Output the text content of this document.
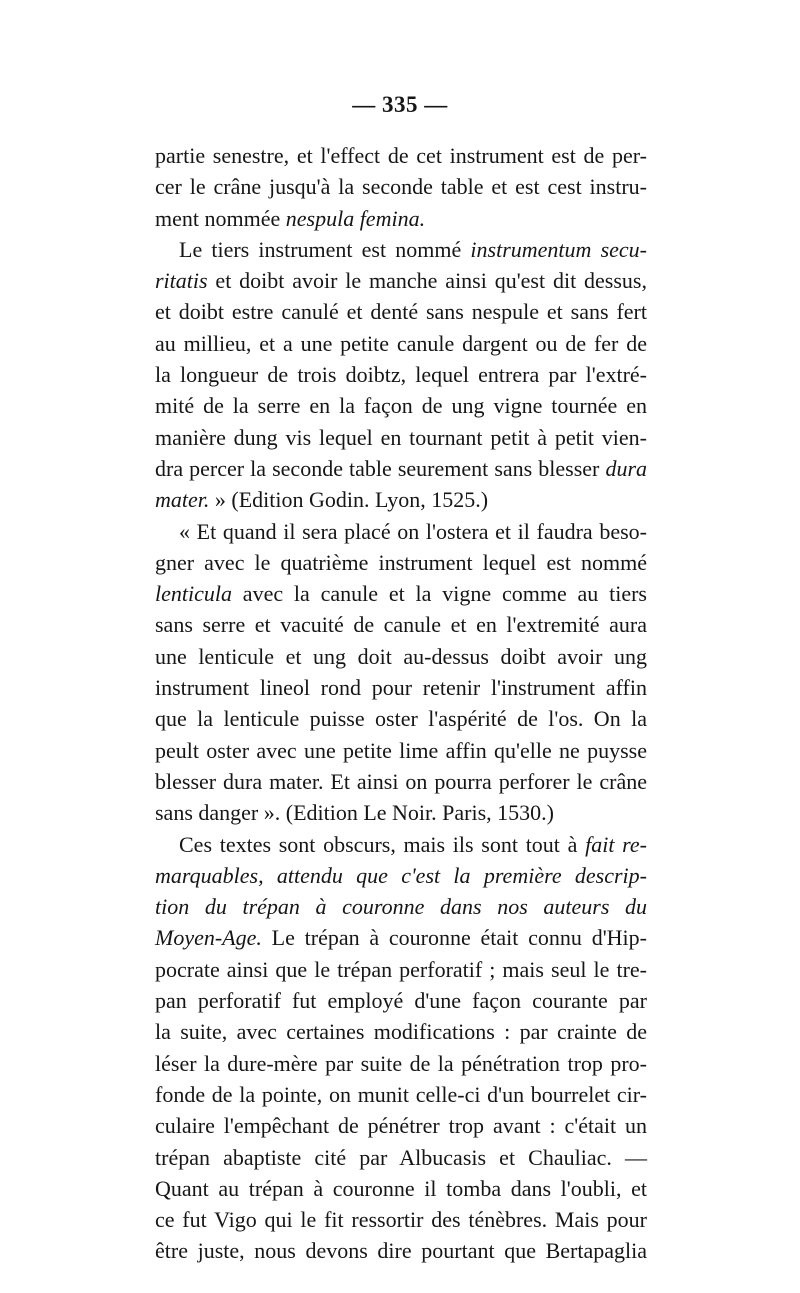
— 335 —
partie senestre, et l'effect de cet instrument est de per-
cer le crâne jusqu'à la seconde table et est cest instru-
ment nommée nespula femina.
Le tiers instrument est nommé instrumentum secu-
ritatis et doibt avoir le manche ainsi qu'est dit dessus,
et doibt estre canulé et denté sans nespule et sans fert
au millieu, et a une petite canule dargent ou de fer de
la longueur de trois doibtz, lequel entrera par l'extré-
mité de la serre en la façon de ung vigne tournée en
manière dung vis lequel en tournant petit à petit vien-
dra percer la seconde table seurement sans blesser dura
mater. » (Edition Godin. Lyon, 1525.)
« Et quand il sera placé on l'ostera et il faudra beso-
gner avec le quatrième instrument lequel est nommé
lenticula avec la canule et la vigne comme au tiers
sans serre et vacuité de canule et en l'extremité aura
une lenticule et ung doit au-dessus doibt avoir ung
instrument lineol rond pour retenir l'instrument affin
que la lenticule puisse oster l'aspérité de l'os. On la
peult oster avec une petite lime affin qu'elle ne puysse
blesser dura mater. Et ainsi on pourra perforer le crâne
sans danger ». (Edition Le Noir. Paris, 1530.)
Ces textes sont obscurs, mais ils sont tout à fait re-
marquables, attendu que c'est la première descrip-
tion du trépan à couronne dans nos auteurs du
Moyen-Age. Le trépan à couronne était connu d'Hip-
pocrate ainsi que le trépan perforatif ; mais seul le tre-
pan perforatif fut employé d'une façon courante par
la suite, avec certaines modifications : par crainte de
léser la dure-mère par suite de la pénétration trop pro-
fonde de la pointe, on munit celle-ci d'un bourrelet cir-
culaire l'empêchant de pénétrer trop avant : c'était un
trépan abaptiste cité par Albucasis et Chauliac. —
Quant au trépan à couronne il tomba dans l'oubli, et
ce fut Vigo qui le fit ressortir des ténèbres. Mais pour
être juste, nous devons dire pourtant que Bertapaglia
